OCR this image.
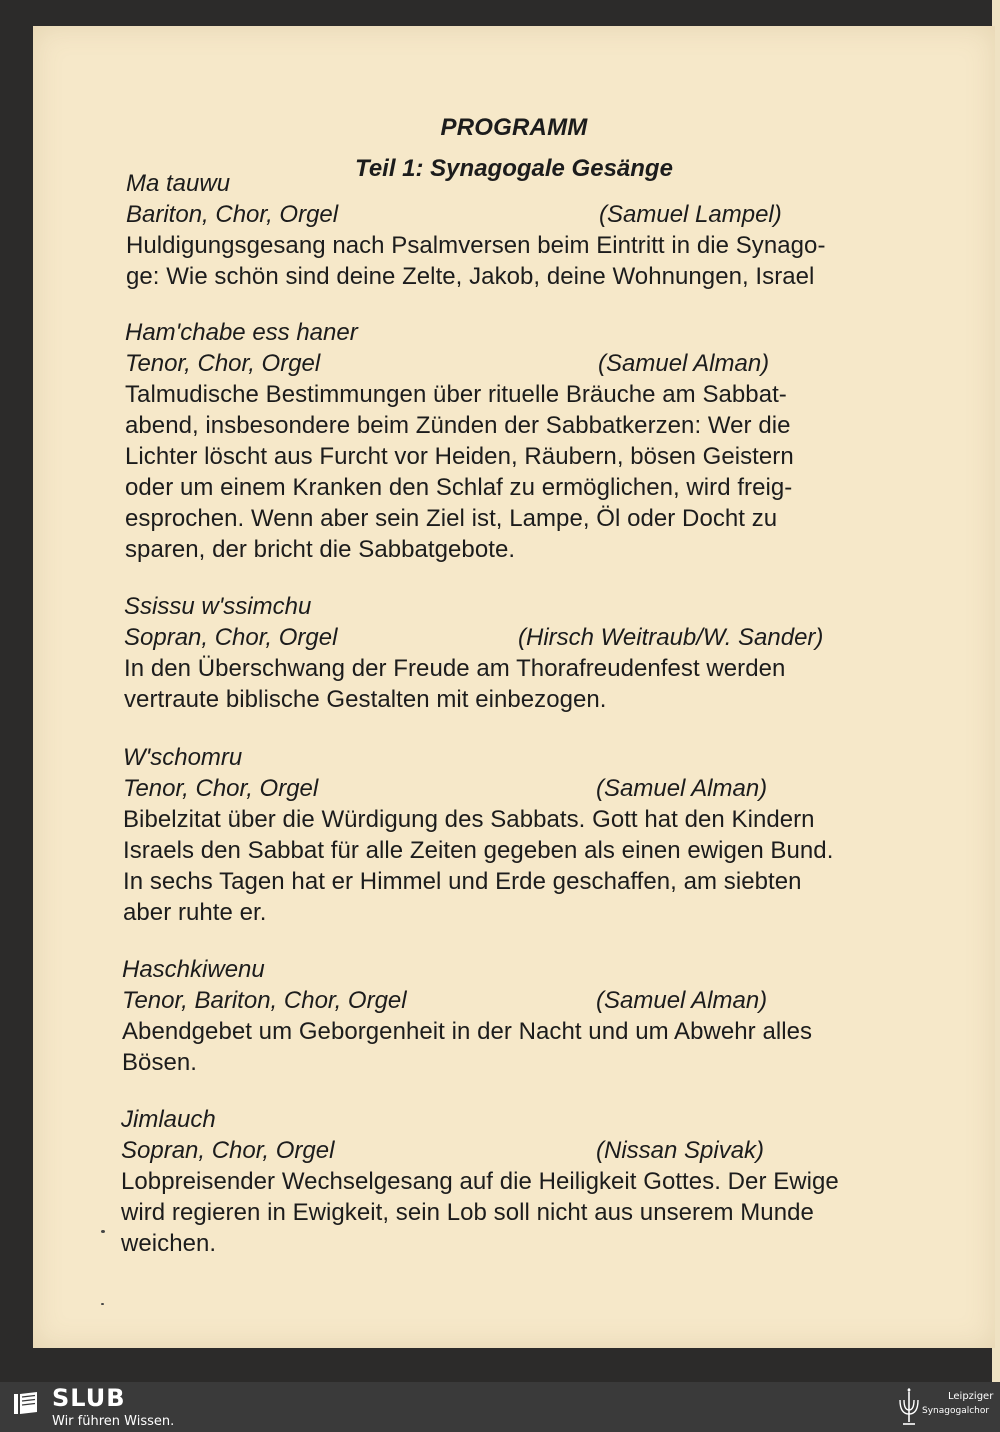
PROGRAMM
Teil 1: Synagogale Gesänge
Ma tauwu
Bariton, Chor, Orgel	(Samuel Lampel)
Huldigungsgesang nach Psalmversen beim Eintritt in die Synago-
ge: Wie schön sind deine Zelte, Jakob, deine Wohnungen, Israel
Ham'chabe ess haner
Tenor, Chor, Orgel	(Samuel Alman)
Talmudische Bestimmungen über rituelle Bräuche am Sabbat-
abend, insbesondere beim Zünden der Sabbatkerzen: Wer die
Lichter löscht aus Furcht vor Heiden, Räubern, bösen Geistern
oder um einem Kranken den Schlaf zu ermöglichen, wird freig-
esprochen. Wenn aber sein Ziel ist, Lampe, Öl oder Docht zu
sparen, der bricht die Sabbatgebote.
Ssissu w'ssimchu
Sopran, Chor, Orgel	(Hirsch Weitraub/W. Sander)
In den Überschwang der Freude am Thorafreudenfest werden
vertraute biblische Gestalten mit einbezogen.
W'schomru
Tenor, Chor, Orgel	(Samuel Alman)
Bibelzitat über die Würdigung des Sabbats. Gott hat den Kindern
Israels den Sabbat für alle Zeiten gegeben als einen ewigen Bund.
In sechs Tagen hat er Himmel und Erde geschaffen, am siebten
aber ruhte er.
Haschkiwenu
Tenor, Bariton, Chor, Orgel	(Samuel Alman)
Abendgebet um Geborgenheit in der Nacht und um Abwehr alles
Bösen.
Jimlauch
Sopran, Chor, Orgel	(Nissan Spivak)
Lobpreisender Wechselgesang auf die Heiligkeit Gottes. Der Ewige
wird regieren in Ewigkeit, sein Lob soll nicht aus unserem Munde
weichen.
SLUB
Wir führen Wissen.
Leipziger
Synagogalchor
